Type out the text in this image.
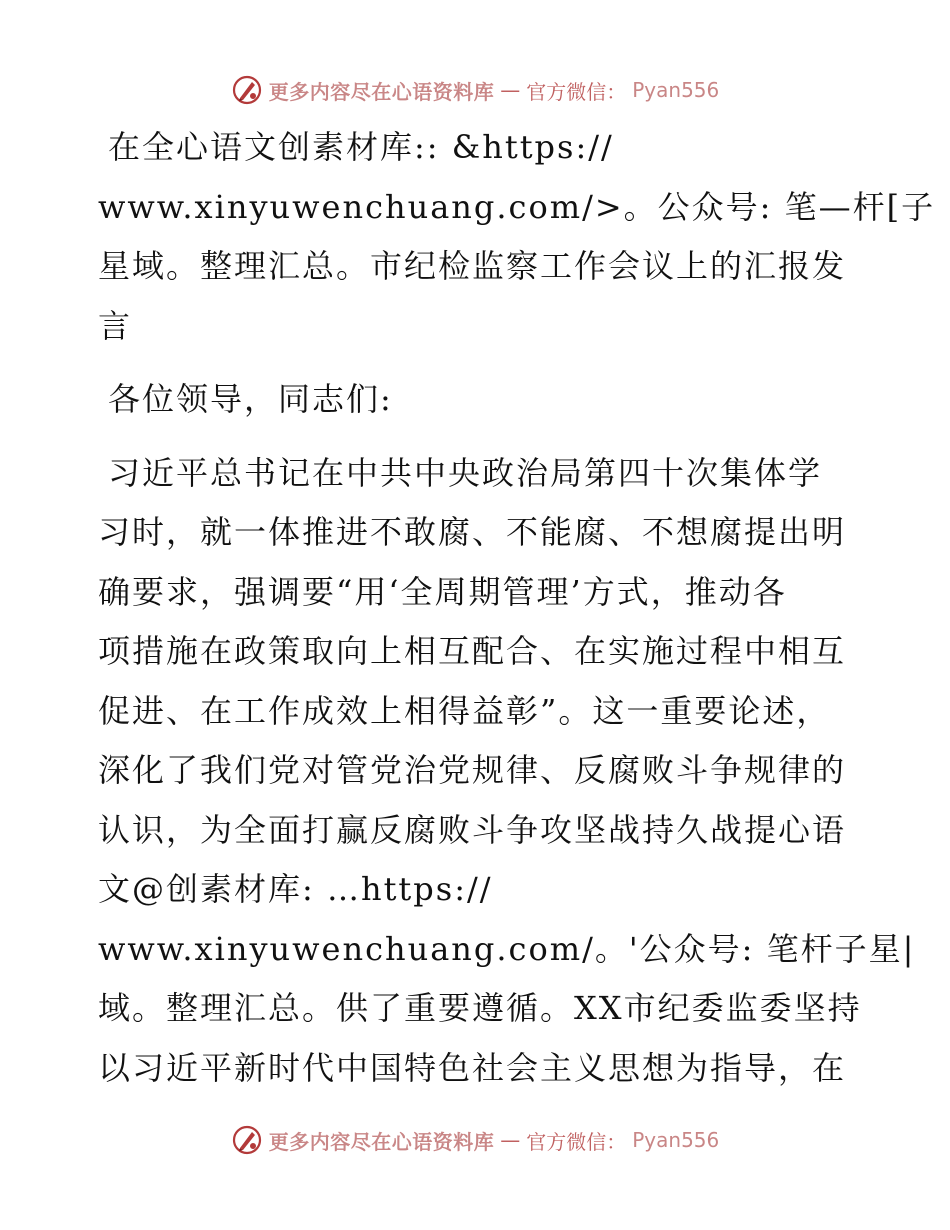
更多内容尽在心语资料库 — 官方微信： Pyan556
在全心语文创素材库:: &https://
www.xinyuwenchuang.com/>。公众号: 笔—杆[子
星域。整理汇总。市纪检监察工作会议上的汇报发
言
各位领导，同志们:
习近平总书记在中共中央政治局第四十次集体学
习时，就一体推进不敢腐、不能腐、不想腐提出明
确要求，强调要“用‘全周期管理’方式，推动各
项措施在政策取向上相互配合、在实施过程中相互
促进、在工作成效上相得益彰”。这一重要论述，
深化了我们党对管党治党规律、反腐败斗争规律的
认识，为全面打赢反腐败斗争攻坚战持久战提心语
文@创素材库: …https://
www.xinyuwenchuang.com/。'公众号: 笔杆子星|
域。整理汇总。供了重要遵循。XX市纪委监委坚持
以习近平新时代中国特色社会主义思想为指导，在
更多内容尽在心语资料库 — 官方微信： Pyan556
